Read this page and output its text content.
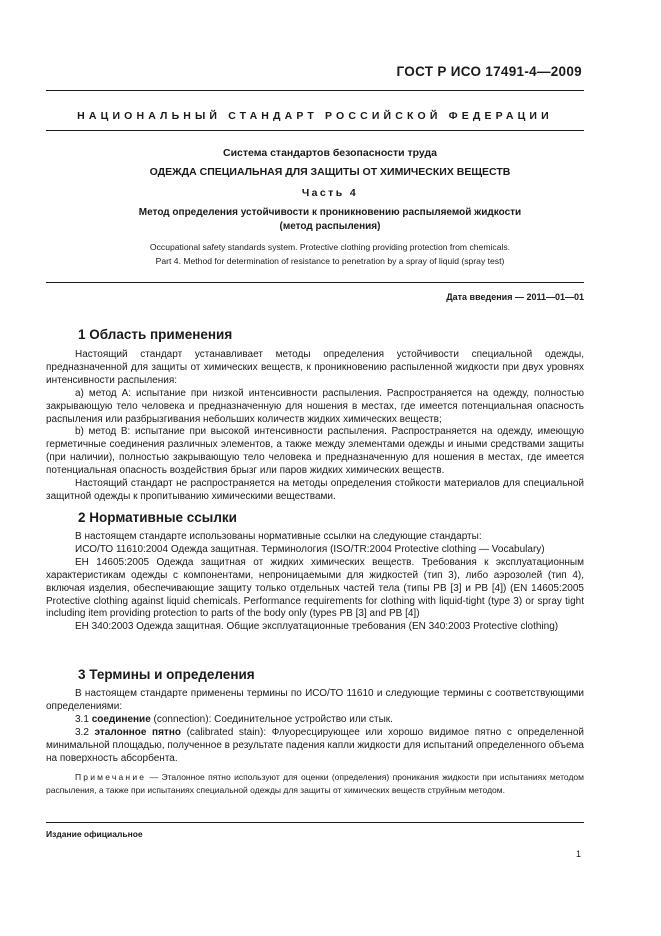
ГОСТ Р ИСО 17491-4—2009
НАЦИОНАЛЬНЫЙ СТАНДАРТ РОССИЙСКОЙ ФЕДЕРАЦИИ
Система стандартов безопасности труда
ОДЕЖДА СПЕЦИАЛЬНАЯ ДЛЯ ЗАЩИТЫ ОТ ХИМИЧЕСКИХ ВЕЩЕСТВ
Часть 4
Метод определения устойчивости к проникновению распыляемой жидкости
(метод распыления)
Occupational safety standards system. Protective clothing providing protection from chemicals.
Part 4. Method for determination of resistance to penetration by a spray of liquid (spray test)
Дата введения — 2011—01—01
1 Область применения
Настоящий стандарт устанавливает методы определения устойчивости специальной одежды, предназначенной для защиты от химических веществ, к проникновению распыленной жидкости при двух уровнях интенсивности распыления:
а) метод А: испытание при низкой интенсивности распыления. Распространяется на одежду, полностью закрывающую тело человека и предназначенную для ношения в местах, где имеется потенциальная опасность распыления или разбрызгивания небольших количеств жидких химических веществ;
b) метод В: испытание при высокой интенсивности распыления. Распространяется на одежду, имеющую герметичные соединения различных элементов, а также между элементами одежды и иными средствами защиты (при наличии), полностью закрывающую тело человека и предназначенную для ношения в местах, где имеется потенциальная опасность воздействия брызг или паров жидких химических веществ.
Настоящий стандарт не распространяется на методы определения стойкости материалов для специальной защитной одежды к пропитыванию химическими веществами.
2 Нормативные ссылки
В настоящем стандарте использованы нормативные ссылки на следующие стандарты:
ИСО/ТО 11610:2004 Одежда защитная. Терминология (ISO/TR:2004 Protective clothing — Vocabulary)
ЕН 14605:2005 Одежда защитная от жидких химических веществ. Требования к эксплуатационным характеристикам одежды с компонентами, непроницаемыми для жидкостей (тип 3), либо аэрозолей (тип 4), включая изделия, обеспечивающие защиту только отдельных частей тела (типы РВ [3] и РВ [4]) (EN 14605:2005 Protective clothing against liquid chemicals. Performance requirements for clothing with liquid-tight (type 3) or spray tight including item providing protection to parts of the body only (types PB [3] and PB [4])
ЕН 340:2003 Одежда защитная. Общие эксплуатационные требования (EN 340:2003 Protective clothing)
3 Термины и определения
В настоящем стандарте применены термины по ИСО/ТО 11610 и следующие термины с соответствующими определениями:
3.1 соединение (connection): Соединительное устройство или стык.
3.2 эталонное пятно (calibrated stain): Флуоресцирующее или хорошо видимое пятно с определенной минимальной площадью, полученное в результате падения капли жидкости для испытаний определенного объема на поверхность абсорбента.
Примечание — Эталонное пятно используют для оценки (определения) проникания жидкости при испытаниях методом распыления, а также при испытаниях специальной одежды для защиты от химических веществ струйным методом.
Издание официальное
1
